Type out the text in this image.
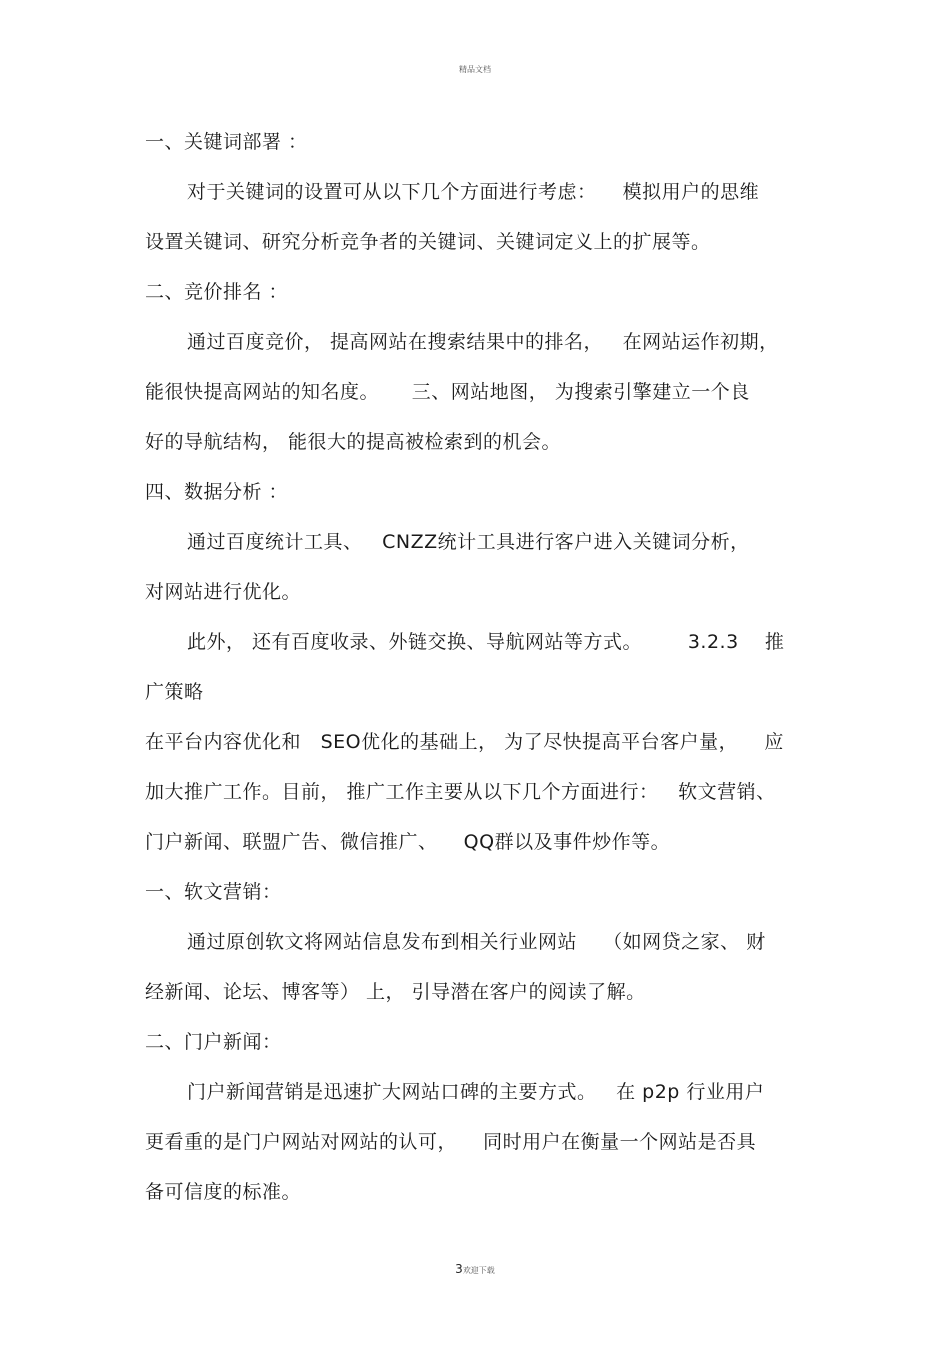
精品文档
一、关键词部署 ：
对于关键词的设置可从以下几个方面进行考虑：    模拟用户的思维
设置关键词、研究分析竞争者的关键词、关键词定义上的扩展等。
二、竞价排名 ：
通过百度竞价， 提高网站在搜索结果中的排名，   在网站运作初期，
能很快提高网站的知名度。     三、网站地图， 为搜索引擎建立一个良
好的导航结构， 能很大的提高被检索到的机会。
四、数据分析 ：
通过百度统计工具、   CNZZ统计工具进行客户进入关键词分析，
对网站进行优化。
此外， 还有百度收录、外链交换、导航网站等方式。       3.2.3    推
广策略
在平台内容优化和   SEO优化的基础上， 为了尽快提高平台客户量，    应
加大推广工作。目前， 推广工作主要从以下几个方面进行：   软文营销、
门户新闻、联盟广告、微信推广、    QQ群以及事件炒作等。
一、软文营销：
通过原创软文将网站信息发布到相关行业网站    （如网贷之家、 财
经新闻、论坛、博客等） 上， 引导潜在客户的阅读了解。
二、门户新闻：
门户新闻营销是迅速扩大网站口碑的主要方式。   在 p2p 行业用户
更看重的是门户网站对网站的认可，    同时用户在衡量一个网站是否具
备可信度的标准。
3欢迎下载
